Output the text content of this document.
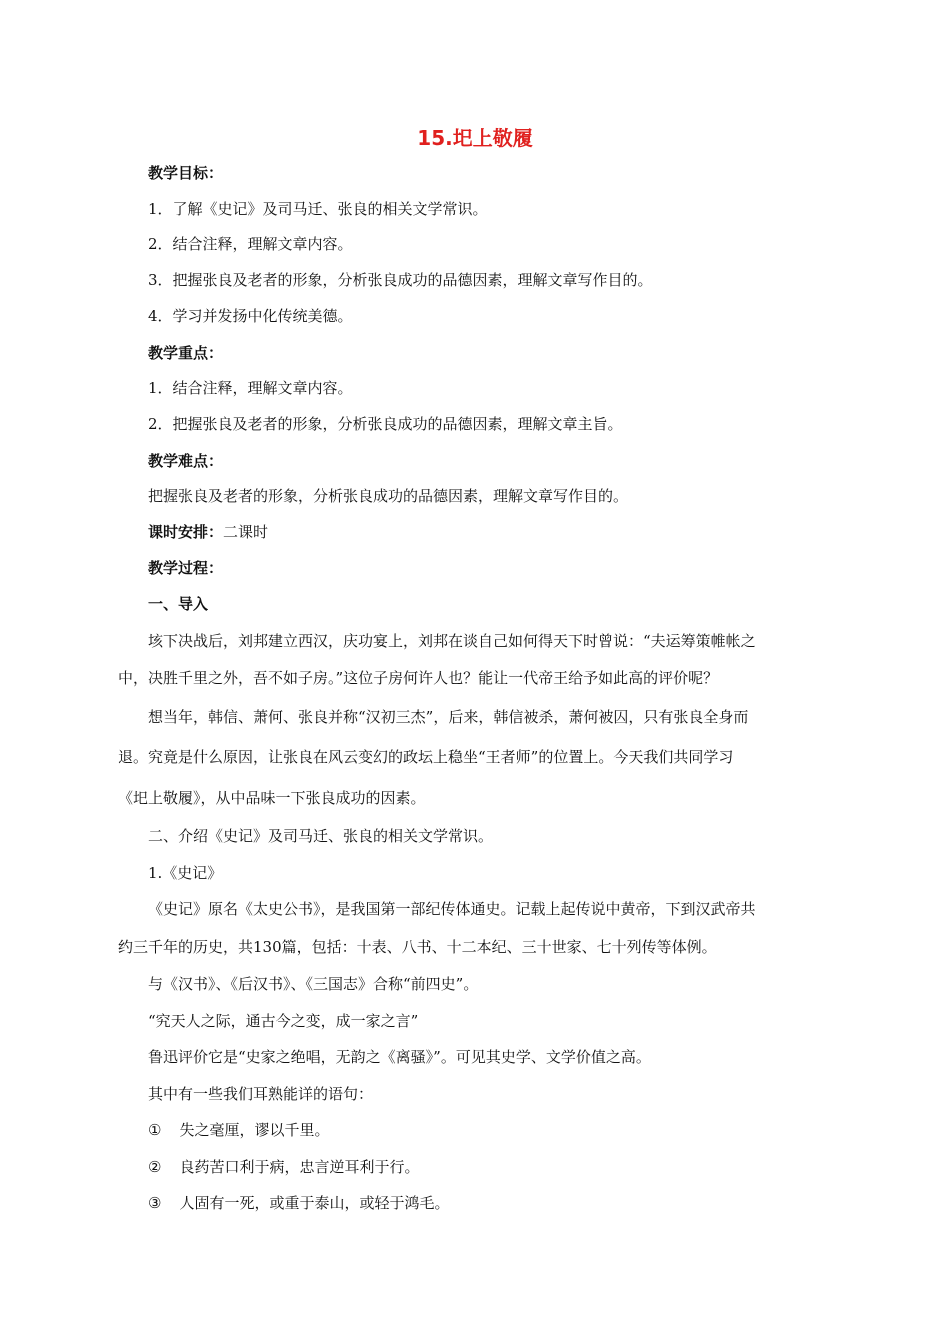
15.圯上敬履
教学目标：
1．了解《史记》及司马迁、张良的相关文学常识。
2．结合注释，理解文章内容。
3．把握张良及老者的形象，分析张良成功的品德因素，理解文章写作目的。
4．学习并发扬中化传统美德。
教学重点：
1．结合注释，理解文章内容。
2．把握张良及老者的形象，分析张良成功的品德因素，理解文章主旨。
教学难点：
把握张良及老者的形象，分析张良成功的品德因素，理解文章写作目的。
课时安排：二课时
教学过程：
一、导入
垓下决战后，刘邦建立西汉，庆功宴上，刘邦在谈自己如何得天下时曾说：“夫运筹策帷帐之
中，决胜千里之外，吾不如子房。”这位子房何许人也？能让一代帝王给予如此高的评价呢？
想当年，韩信、萧何、张良并称“汉初三杰”，后来，韩信被杀，萧何被囚，只有张良全身而
退。究竟是什么原因，让张良在风云变幻的政坛上稳坐“王者师”的位置上。今天我们共同学习
《圯上敬履》，从中品味一下张良成功的因素。
二、介绍《史记》及司马迁、张良的相关文学常识。
1.《史记》
《史记》原名《太史公书》，是我国第一部纪传体通史。记载上起传说中黄帝，下到汉武帝共
约三千年的历史，共130篇，包括：十表、八书、十二本纪、三十世家、七十列传等体例。
与《汉书》、《后汉书》、《三国志》合称“前四史”。
“究天人之际，通古今之变，成一家之言”
鲁迅评价它是“史家之绝唱，无韵之《离骚》”。可见其史学、文学价值之高。
其中有一些我们耳熟能详的语句：
① 失之毫厘，谬以千里。
② 良药苦口利于病，忠言逆耳利于行。
③ 人固有一死，或重于泰山，或轻于鸿毛。
